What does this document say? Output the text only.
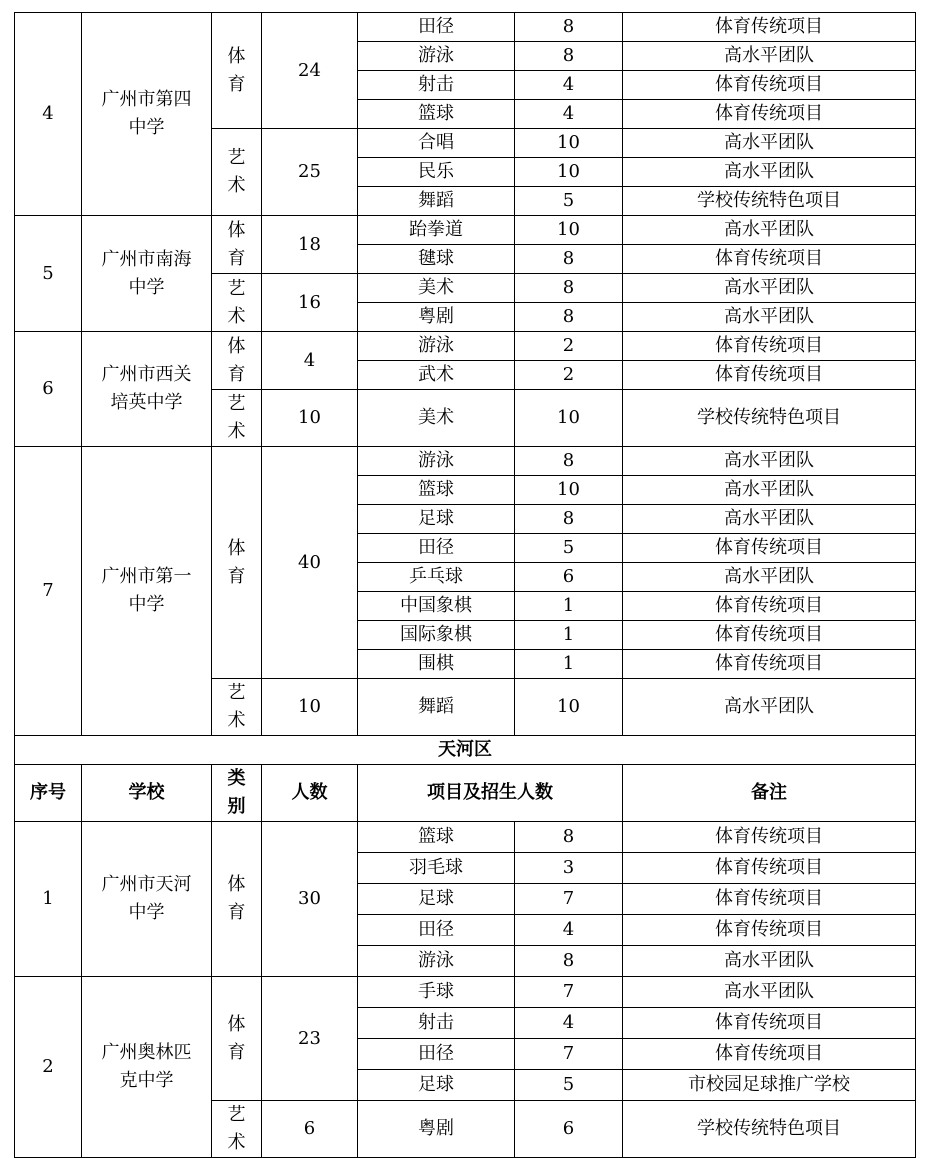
4	广州市第四中学	体育	24	田径	8	体育传统项目
				游泳	8	高水平团队
				射击	4	体育传统项目
				篮球	4	体育传统项目
		艺术	25	合唱	10	高水平团队
				民乐	10	高水平团队
				舞蹈	5	学校传统特色项目
5	广州市南海中学	体育	18	跆拳道	10	高水平团队
				毽球	8	体育传统项目
		艺术	16	美术	8	高水平团队
				粤剧	8	高水平团队
6	广州市西关培英中学	体育	4	游泳	2	体育传统项目
				武术	2	体育传统项目
		艺术	10	美术	10	学校传统特色项目
7	广州市第一中学	体育	40	游泳	8	高水平团队
				篮球	10	高水平团队
				足球	8	高水平团队
				田径	5	体育传统项目
				乒乓球	6	高水平团队
				中国象棋	1	体育传统项目
				国际象棋	1	体育传统项目
				围棋	1	体育传统项目
		艺术	10	舞蹈	10	高水平团队
天河区						
序号	学校	类别	人数	项目及招生人数		备注
1	广州市天河中学	体育	30	篮球	8	体育传统项目
				羽毛球	3	体育传统项目
				足球	7	体育传统项目
				田径	4	体育传统项目
				游泳	8	高水平团队
2	广州奥林匹克中学	体育	23	手球	7	高水平团队
				射击	4	体育传统项目
				田径	7	体育传统项目
				足球	5	市校园足球推广学校
		艺术	6	粤剧	6	学校传统特色项目
